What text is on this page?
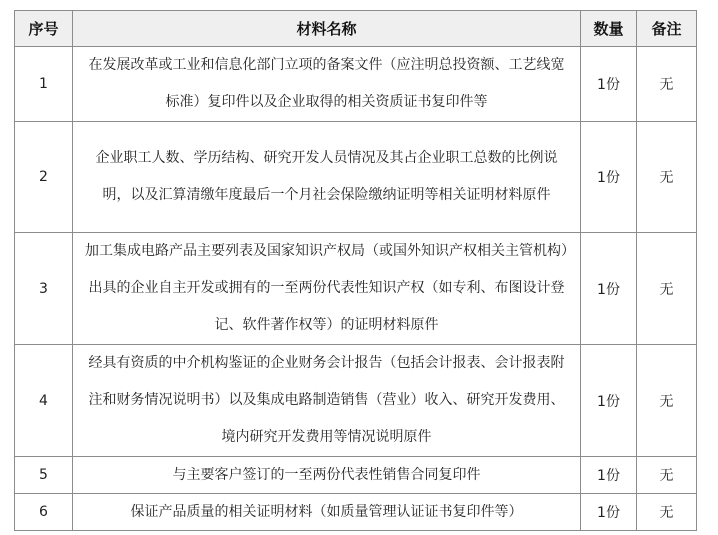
序号	材料名称	数量	备注
1	在发展改革或工业和信息化部门立项的备案文件（应注明总投资额、工艺线宽标准）复印件以及企业取得的相关资质证书复印件等	1份	无
2	企业职工人数、学历结构、研究开发人员情况及其占企业职工总数的比例说明，以及汇算清缴年度最后一个月社会保险缴纳证明等相关证明材料原件	1份	无
3	加工集成电路产品主要列表及国家知识产权局（或国外知识产权相关主管机构）出具的企业自主开发或拥有的一至两份代表性知识产权（如专利、布图设计登记、软件著作权等）的证明材料原件	1份	无
4	经具有资质的中介机构鉴证的企业财务会计报告（包括会计报表、会计报表附注和财务情况说明书）以及集成电路制造销售（营业）收入、研究开发费用、境内研究开发费用等情况说明原件	1份	无
5	与主要客户签订的一至两份代表性销售合同复印件	1份	无
6	保证产品质量的相关证明材料（如质量管理认证证书复印件等）	1份	无
